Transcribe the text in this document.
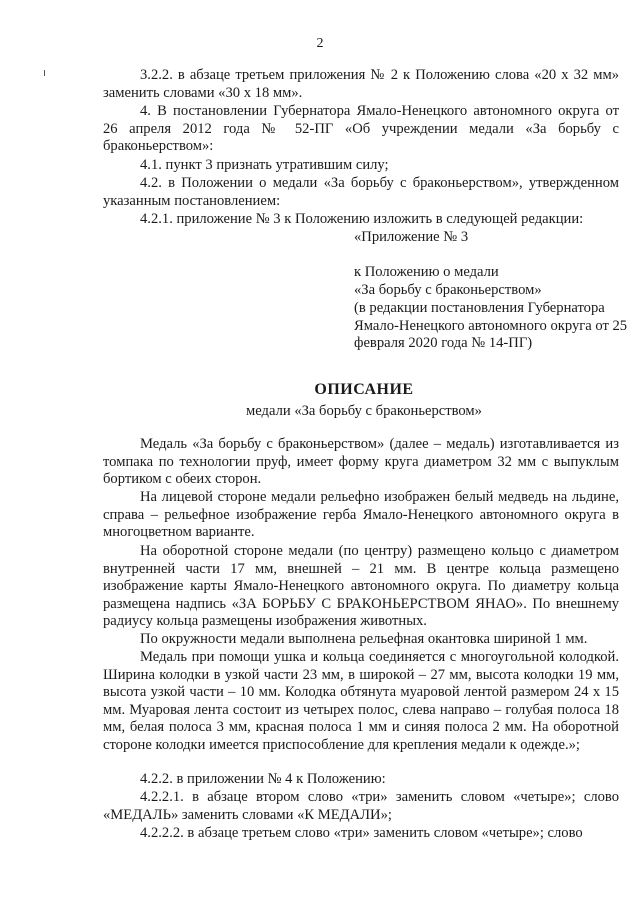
2
3.2.2. в абзаце третьем приложения № 2 к Положению слова «20 х 32 мм» заменить словами «30 х 18 мм».
4. В постановлении Губернатора Ямало-Ненецкого автономного округа от 26 апреля 2012 года № 52-ПГ «Об учреждении медали «За борьбу с браконьерством»:
4.1. пункт 3 признать утратившим силу;
4.2. в Положении о медали «За борьбу с браконьерством», утвержденном указанным постановлением:
4.2.1. приложение № 3 к Положению изложить в следующей редакции:
«Приложение № 3
к Положению о медали
«За борьбу с браконьерством»
(в редакции постановления Губернатора Ямало-Ненецкого автономного округа от 25 февраля 2020 года № 14-ПГ)
ОПИСАНИЕ
медали «За борьбу с браконьерством»
Медаль «За борьбу с браконьерством» (далее – медаль) изготавливается из томпака по технологии пруф, имеет форму круга диаметром 32 мм с выпуклым бортиком с обеих сторон.
На лицевой стороне медали рельефно изображен белый медведь на льдине, справа – рельефное изображение герба Ямало-Ненецкого автономного округа в многоцветном варианте.
На оборотной стороне медали (по центру) размещено кольцо с диаметром внутренней части 17 мм, внешней – 21 мм. В центре кольца размещено изображение карты Ямало-Ненецкого автономного округа. По диаметру кольца размещена надпись «ЗА БОРЬБУ С БРАКОНЬЕРСТВОМ ЯНАО». По внешнему радиусу кольца размещены изображения животных.
По окружности медали выполнена рельефная окантовка шириной 1 мм.
Медаль при помощи ушка и кольца соединяется с многоугольной колодкой. Ширина колодки в узкой части 23 мм, в широкой – 27 мм, высота колодки 19 мм, высота узкой части – 10 мм. Колодка обтянута муаровой лентой размером 24 х 15 мм. Муаровая лента состоит из четырех полос, слева направо – голубая полоса 18 мм, белая полоса 3 мм, красная полоса 1 мм и синяя полоса 2 мм. На оборотной стороне колодки имеется приспособление для крепления медали к одежде.»;
4.2.2. в приложении № 4 к Положению:
4.2.2.1. в абзаце втором слово «три» заменить словом «четыре»; слово «МЕДАЛЬ» заменить словами «К МЕДАЛИ»;
4.2.2.2. в абзаце третьем слово «три» заменить словом «четыре»; слово
